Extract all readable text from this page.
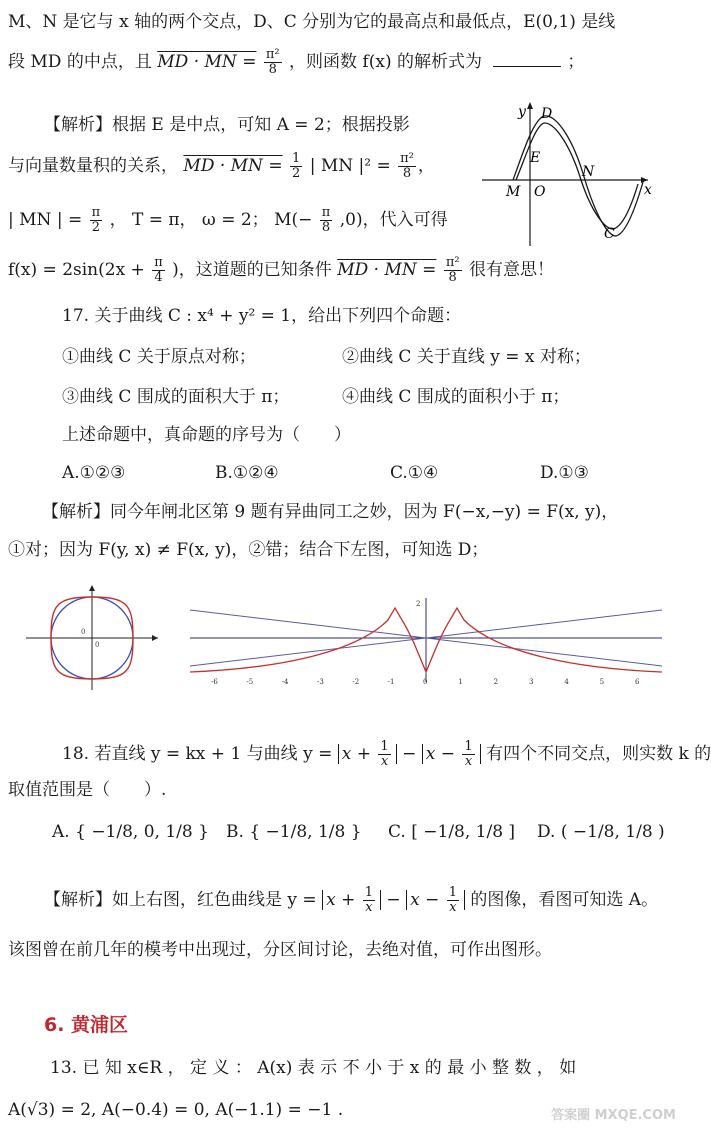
M、N 是它与 x 轴的两个交点，D、C 分别为它的最高点和最低点，E(0,1) 是线
段 MD 的中点，且 MD · MN = $\frac{\text{π²}}{8}$ ，则函数 f(x) 的解析式为	；
【解析】根据 E 是中点，可知 A = 2；根据投影
与向量数量积的关系， MD · MN = $\frac{1}{2}$ | MN $|^2 = \frac{\text{π²}}{8}$ ，
| MN | = $\frac{\pi}{2}$ ， T = π， ω = 2； $M(- \frac{\pi}{8} ,0)$，代入可得
$f(x) = 2\sin(2x + \frac{\pi}{4}$ )，这道题的已知条件 MD · MN = $\frac{\text{π²}}{8}$ 很有意思！
y
x
D
E
M O
N
C
17. 关于曲线 C : x⁴ + y² = 1，给出下列四个命题：
①曲线 C 关于原点对称；	②曲线 C 关于直线 y = x 对称；
③曲线 C 围成的面积大于 π；	④曲线 C 围成的面积小于 π；
上述命题中，真命题的序号为（　　）
A.①②③	B.①②④	C.①④	D.①③
【解析】同今年闸北区第 9 题有异曲同工之妙，因为 F(−x,−y) = F(x, y)，
①对；因为 F(y, x) ≠ F(x, y)，②错；结合下左图，可知选 D；
0
0
2
-6	-5	-4	-3	-2	-1	0	1	2	3	4	5	6
18. 若直线 y = kx + 1 与曲线 $y = x + \frac{1}{x} - x - \frac{1}{x}$ 有四个不同交点，则实数 k 的
取值范围是（　　）.
A. { −1/8, 0, 1/8 } B. { −1/8, 1/8 } C. [ −1/8, 1/8 ] D. ( −1/8, 1/8 )
【解析】如上右图，红色曲线是 $y = x + \frac{1}{x} - x - \frac{1}{x}$ 的图像，看图可知选 A。
该图曾在前几年的模考中出现过，分区间讨论，去绝对值，可作出图形。
6. 黄浦区
13. 已 知 x∈R ， 定 义 ： A(x) 表 示 不 小 于 x 的 最 小 整 数 ， 如
A(√3) = 2, A(−0.4) = 0, A(−1.1) = −1 .	答案圈 MXQE.COM
